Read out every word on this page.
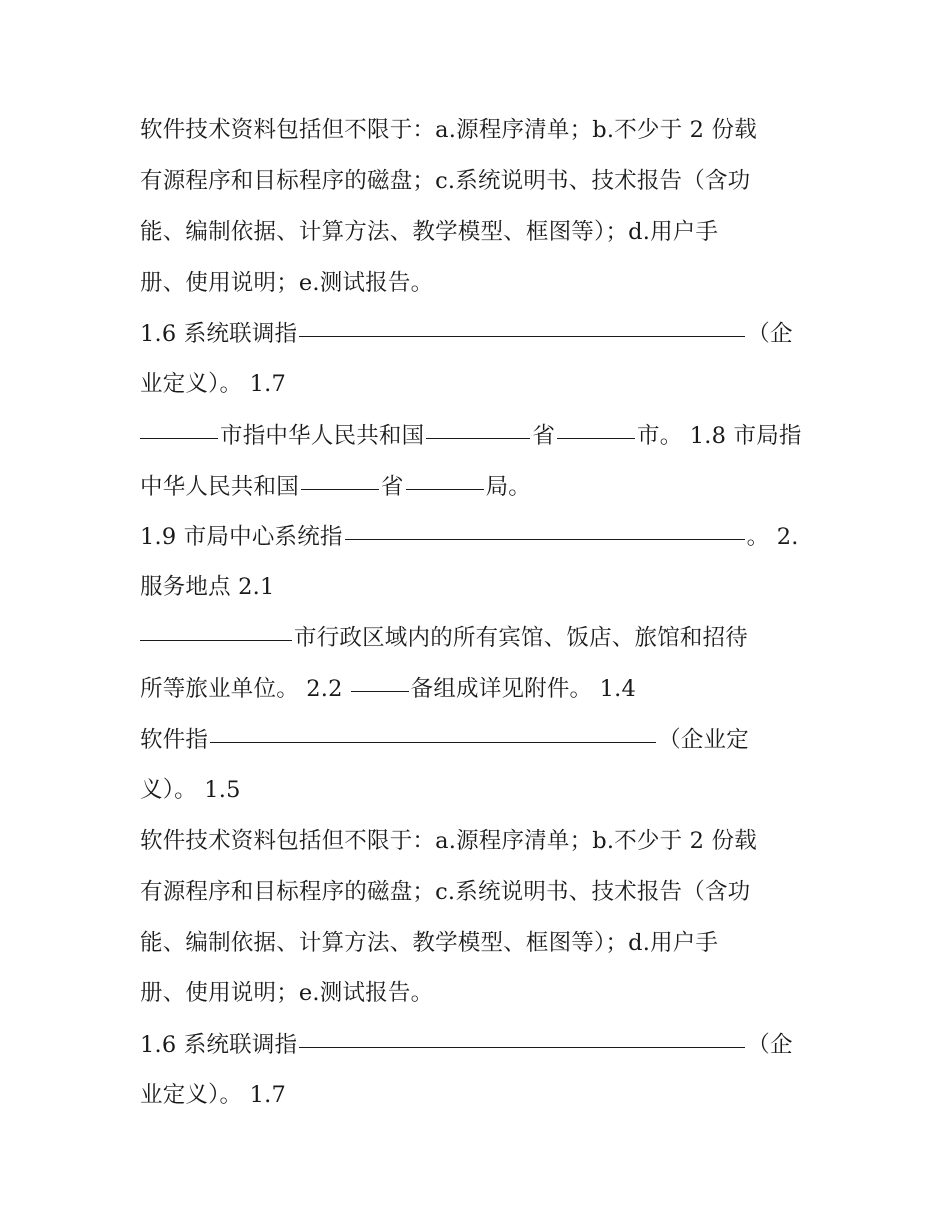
软件技术资料包括但不限于：a.源程序清单；b.不少于 2 份载
有源程序和目标程序的磁盘；c.系统说明书、技术报告（含功
能、编制依据、计算方法、教学模型、框图等）；d.用户手
册、使用说明；e.测试报告。
1.6 系统联调指	（企
业定义）。 1.7
市指中华人民共和国	省	市。 1.8 市局指
中华人民共和国	省	局。
1.9 市局中心系统指	。 2.
服务地点 2.1
市行政区域内的所有宾馆、饭店、旅馆和招待
所等旅业单位。 2.2	备组成详见附件。 1.4
软件指	（企业定
义）。 1.5
软件技术资料包括但不限于：a.源程序清单；b.不少于 2 份载
有源程序和目标程序的磁盘；c.系统说明书、技术报告（含功
能、编制依据、计算方法、教学模型、框图等）；d.用户手
册、使用说明；e.测试报告。
1.6 系统联调指	（企
业定义）。 1.7
